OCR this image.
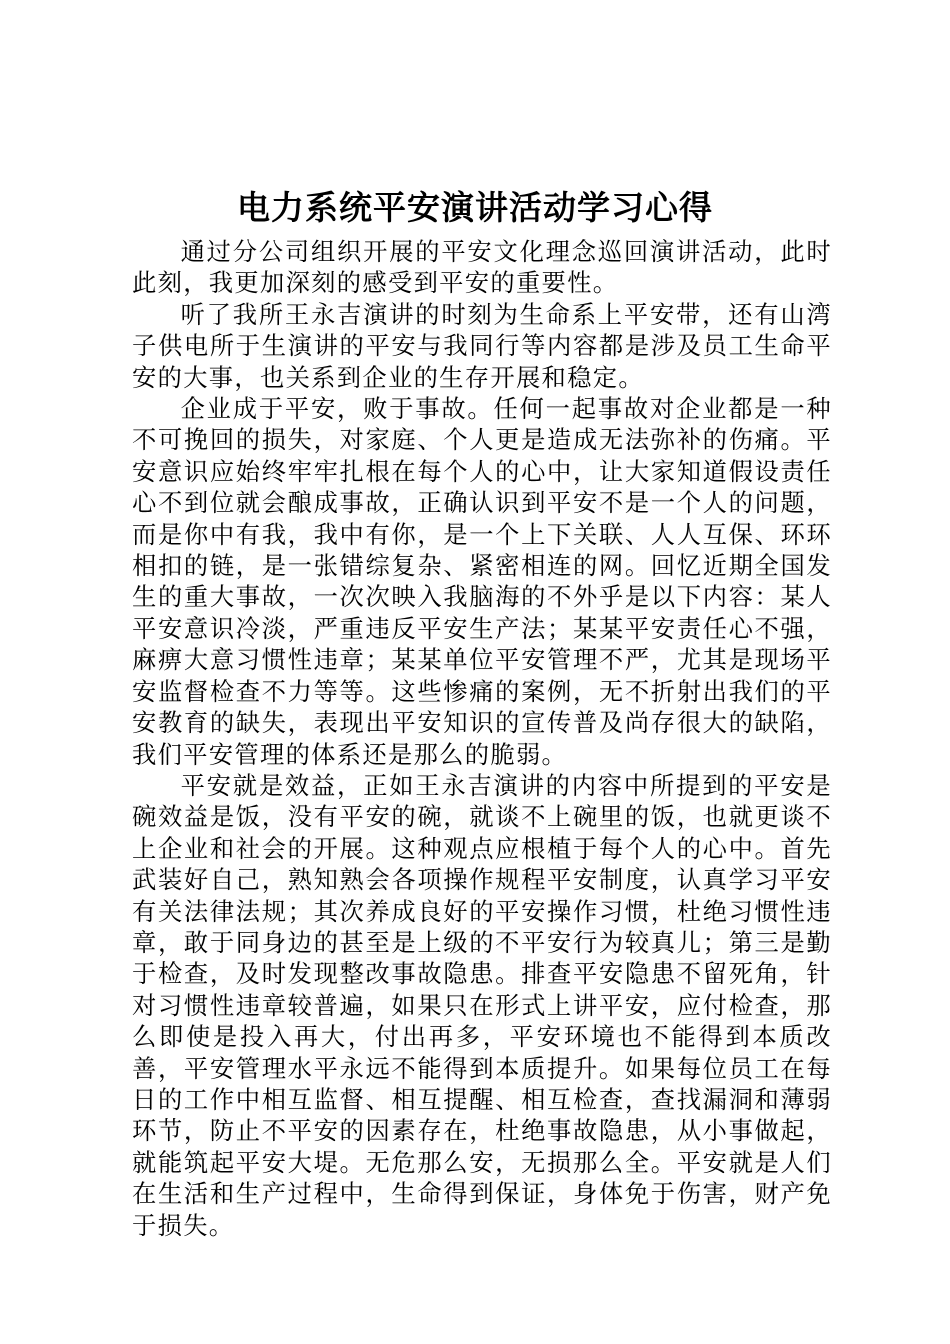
电力系统平安演讲活动学习心得

通过分公司组织开展的平安文化理念巡回演讲活动，此时此刻，我更加深刻的感受到平安的重要性。

听了我所王永吉演讲的时刻为生命系上平安带，还有山湾子供电所于生演讲的平安与我同行等内容都是涉及员工生命平安的大事，也关系到企业的生存开展和稳定。

企业成于平安，败于事故。任何一起事故对企业都是一种不可挽回的损失，对家庭、个人更是造成无法弥补的伤痛。平安意识应始终牢牢扎根在每个人的心中，让大家知道假设责任心不到位就会酿成事故，正确认识到平安不是一个人的问题，而是你中有我，我中有你，是一个上下关联、人人互保、环环相扣的链，是一张错综复杂、紧密相连的网。回忆近期全国发生的重大事故，一次次映入我脑海的不外乎是以下内容：某人平安意识冷淡，严重违反平安生产法；某某平安责任心不强，麻痹大意习惯性违章；某某单位平安管理不严，尤其是现场平安监督检查不力等等。这些惨痛的案例，无不折射出我们的平安教育的缺失，表现出平安知识的宣传普及尚存很大的缺陷，我们平安管理的体系还是那么的脆弱。

平安就是效益，正如王永吉演讲的内容中所提到的平安是碗效益是饭，没有平安的碗，就谈不上碗里的饭，也就更谈不上企业和社会的开展。这种观点应根植于每个人的心中。首先武装好自己，熟知熟会各项操作规程平安制度，认真学习平安有关法律法规；其次养成良好的平安操作习惯，杜绝习惯性违章，敢于同身边的甚至是上级的不平安行为较真儿；第三是勤于检查，及时发现整改事故隐患。排查平安隐患不留死角，针对习惯性违章较普遍，如果只在形式上讲平安，应付检查，那么即使是投入再大，付出再多，平安环境也不能得到本质改善，平安管理水平永远不能得到本质提升。如果每位员工在每日的工作中相互监督、相互提醒、相互检查，查找漏洞和薄弱环节，防止不平安的因素存在，杜绝事故隐患，从小事做起，就能筑起平安大堤。无危那么安，无损那么全。平安就是人们在生活和生产过程中，生命得到保证，身体免于伤害，财产免于损失。
